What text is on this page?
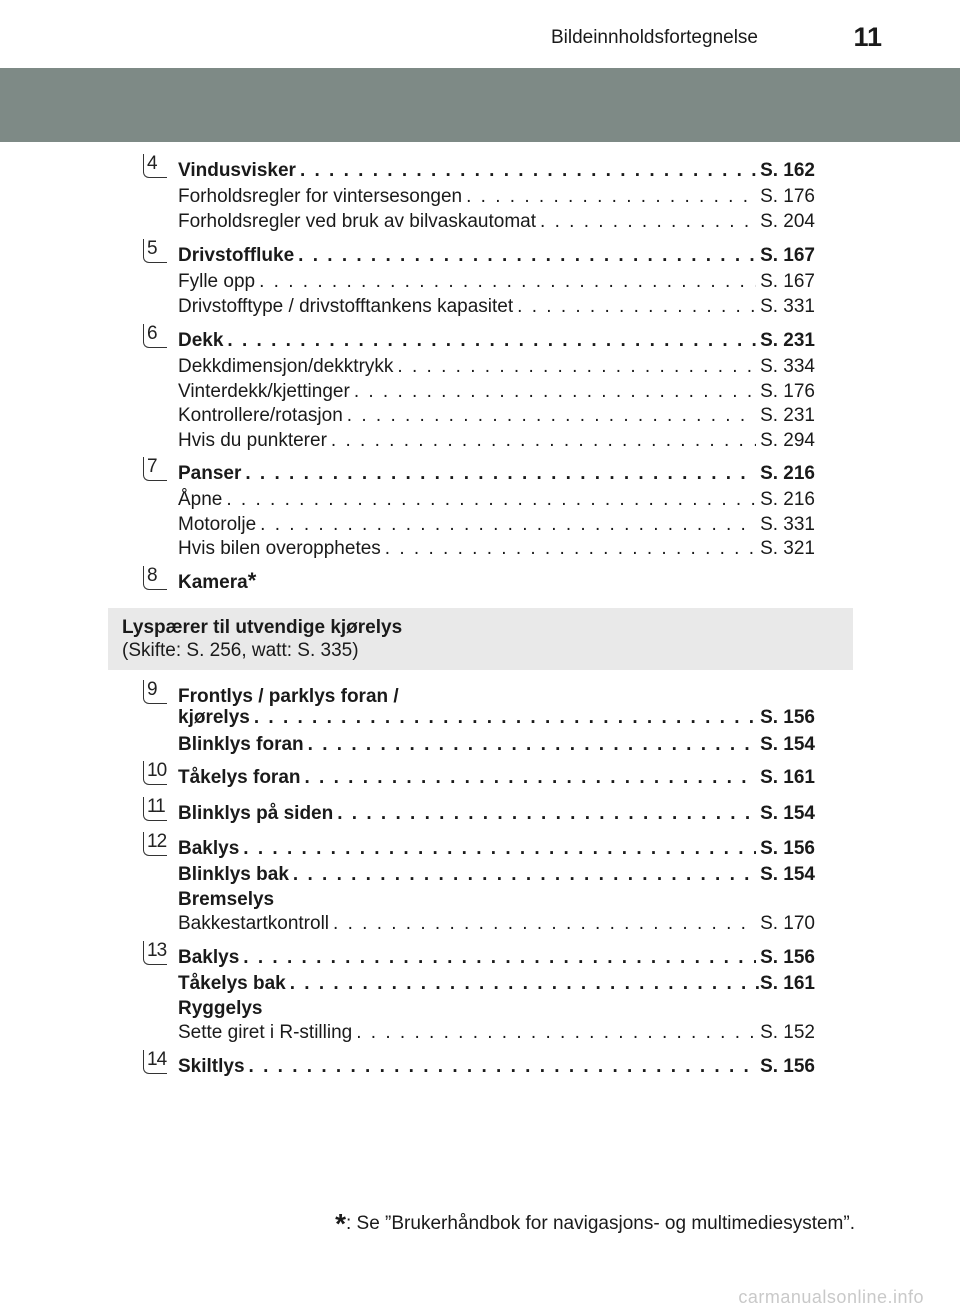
Bildeinnholdsfortegnelse	11
4 Vindusvisker . . .	S. 162
Forholdsregler for vintersesongen . . .	S. 176
Forholdsregler ved bruk av bilvaskautomat . . .	S. 204
5 Drivstoffluke . . .	S. 167
Fylle opp . . .	S. 167
Drivstofftype / drivstofftankens kapasitet . . .	S. 331
6 Dekk . . .	S. 231
Dekkdimensjon/dekktrykk . . .	S. 334
Vinterdekk/kjettinger . . .	S. 176
Kontrollere/rotasjon . . .	S. 231
Hvis du punkterer . . .	S. 294
7 Panser . . .	S. 216
Åpne . . .	S. 216
Motorolje . . .	S. 331
Hvis bilen overopphetes . . .	S. 321
8 Kamera *
9 Frontlys / parklys foran /
kjørelys . . .	S. 156
Blinklys foran . . .	S. 154
10 Tåkelys foran . . .	S. 161
11 Blinklys på siden . . .	S. 154
12 Baklys . . .	S. 156
Blinklys bak . . .	S. 154
Bremselys
Bakkestartkontroll . . .	S. 170
13 Baklys . . .	S. 156
Tåkelys bak . . .	.S. 161
Ryggelys
Sette giret i R-stilling . . .	S. 152
14 Skiltlys . . .	S. 156
Lyspærer til utvendige kjørelys
(Skifte: S. 256, watt: S. 335)
*: Se ”Brukerhåndbok for navigasjons- og multimediesystem”.
carmanualsonline.info
